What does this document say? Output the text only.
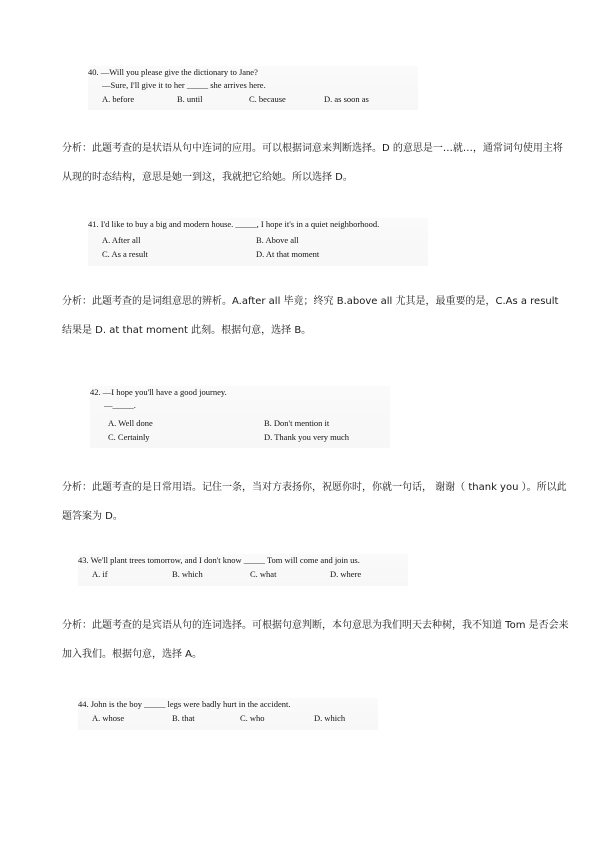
40. —Will you please give the dictionary to Jane?
—Sure, I'll give it to her _____ she arrives here.
A. before	B. until	C. because	D. as soon as

分析：此题考查的是状语从句中连词的应用。可以根据词意来判断选择。D 的意思是一…就…，通常词句使用主将从现的时态结构，意思是她一到这，我就把它给她。所以选择 D。

41. I'd like to buy a big and modern house. _____, I hope it's in a quiet neighborhood.
A. After all	B. Above all
C. As a result	D. At that moment

分析：此题考查的是词组意思的辨析。A.after all 毕竟；终究 B.above all 尤其是，最重要的是，C.As a result 结果是 D. at that moment 此刻。根据句意，选择 B。

42. —I hope you'll have a good journey.
—_____.
A. Well done	B. Don't mention it
C. Certainly	D. Thank you very much

分析：此题考查的是日常用语。记住一条，当对方表扬你，祝愿你时，你就一句话， 谢谢（ thank you ）。所以此题答案为 D。

43. We'll plant trees tomorrow, and I don't know _____ Tom will come and join us.
A. if	B. which	C. what	D. where

分析：此题考查的是宾语从句的连词选择。可根据句意判断，本句意思为我们明天去种树，我不知道 Tom 是否会来加入我们。根据句意，选择 A。

44. John is the boy _____ legs were badly hurt in the accident.
A. whose	B. that	C. who	D. which
